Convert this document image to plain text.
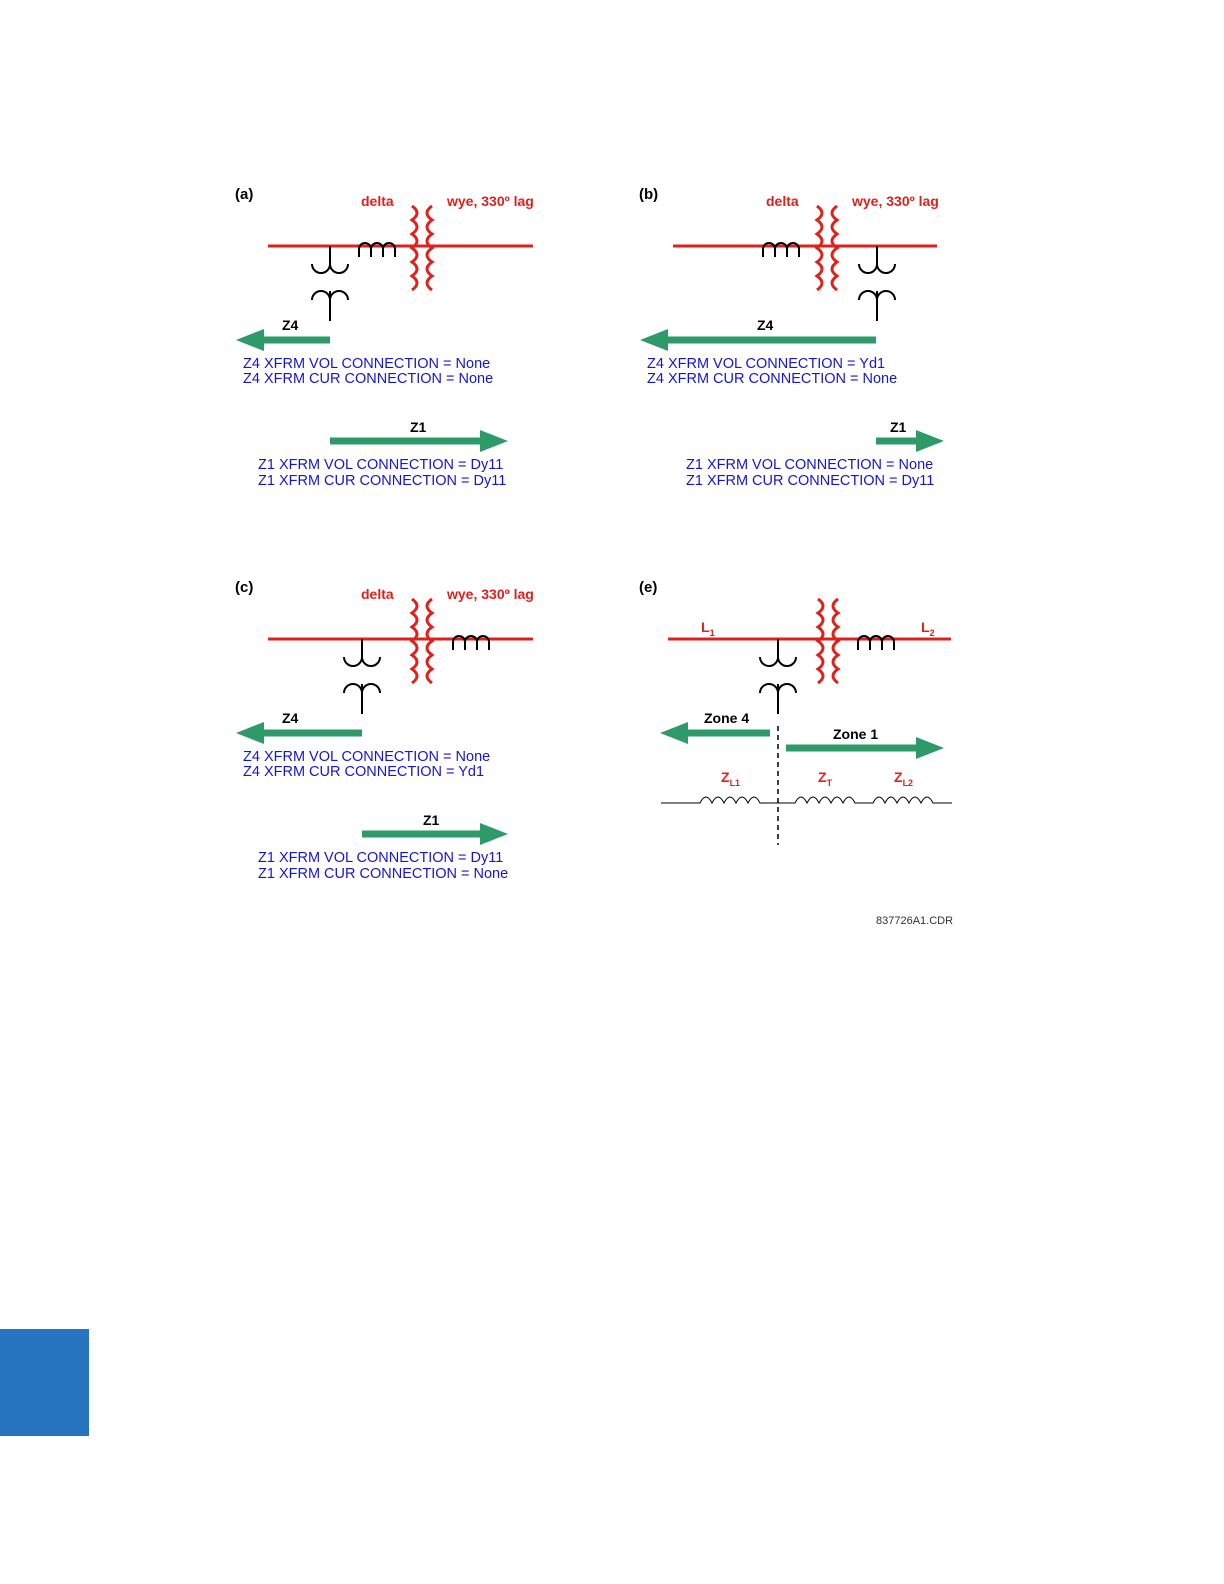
(a)	delta	wye, 330º lag
Z4
Z4 XFRM VOL CONNECTION = None
Z4 XFRM CUR CONNECTION = None
Z1
Z1 XFRM VOL CONNECTION = Dy11
Z1 XFRM CUR CONNECTION = Dy11
(b)	delta	wye, 330º lag
Z4
Z4 XFRM VOL CONNECTION = Yd1
Z4 XFRM CUR CONNECTION = None
Z1
Z1 XFRM VOL CONNECTION = None
Z1 XFRM CUR CONNECTION = Dy11
(c)	delta	wye, 330º lag
Z4
Z4 XFRM VOL CONNECTION = None
Z4 XFRM CUR CONNECTION = Yd1
Z1
Z1 XFRM VOL CONNECTION = Dy11
Z1 XFRM CUR CONNECTION = None
(e)
$L_1$	$L_2$
Zone 4
Zone 1
$Z_{L1}$	$Z_T$	$Z_{L2}$
837726A1.CDR
